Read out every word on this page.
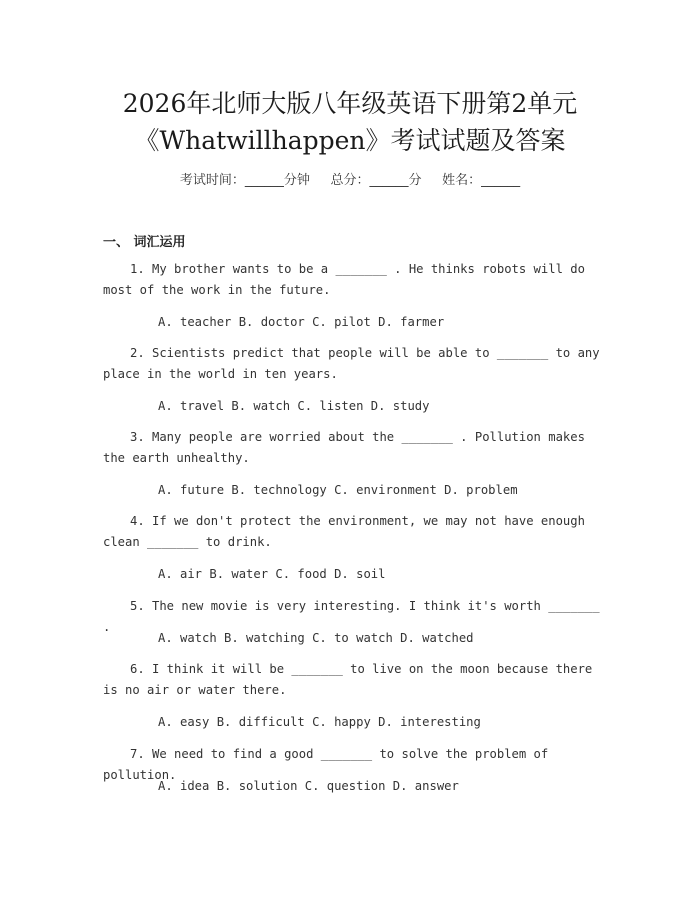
2026年北师大版八年级英语下册第2单元
《Whatwillhappen》考试试题及答案
考试时间：______分钟     总分：______分     姓名：______
一、 词汇运用

1. My brother wants to be a _______ . He thinks robots will do most of the work in the future.

A. teacher B. doctor C. pilot D. farmer

2. Scientists predict that people will be able to _______ to any place in the world in ten years.

A. travel B. watch C. listen D. study

3. Many people are worried about the _______ . Pollution makes the earth unhealthy.

A. future B. technology C. environment D. problem

4. If we don't protect the environment, we may not have enough clean _______ to drink.

A. air B. water C. food D. soil

5. The new movie is very interesting. I think it's worth _______ .

A. watch B. watching C. to watch D. watched

6. I think it will be _______ to live on the moon because there is no air or water there.

A. easy B. difficult C. happy D. interesting

7. We need to find a good _______ to solve the problem of pollution.

A. idea B. solution C. question D. answer
